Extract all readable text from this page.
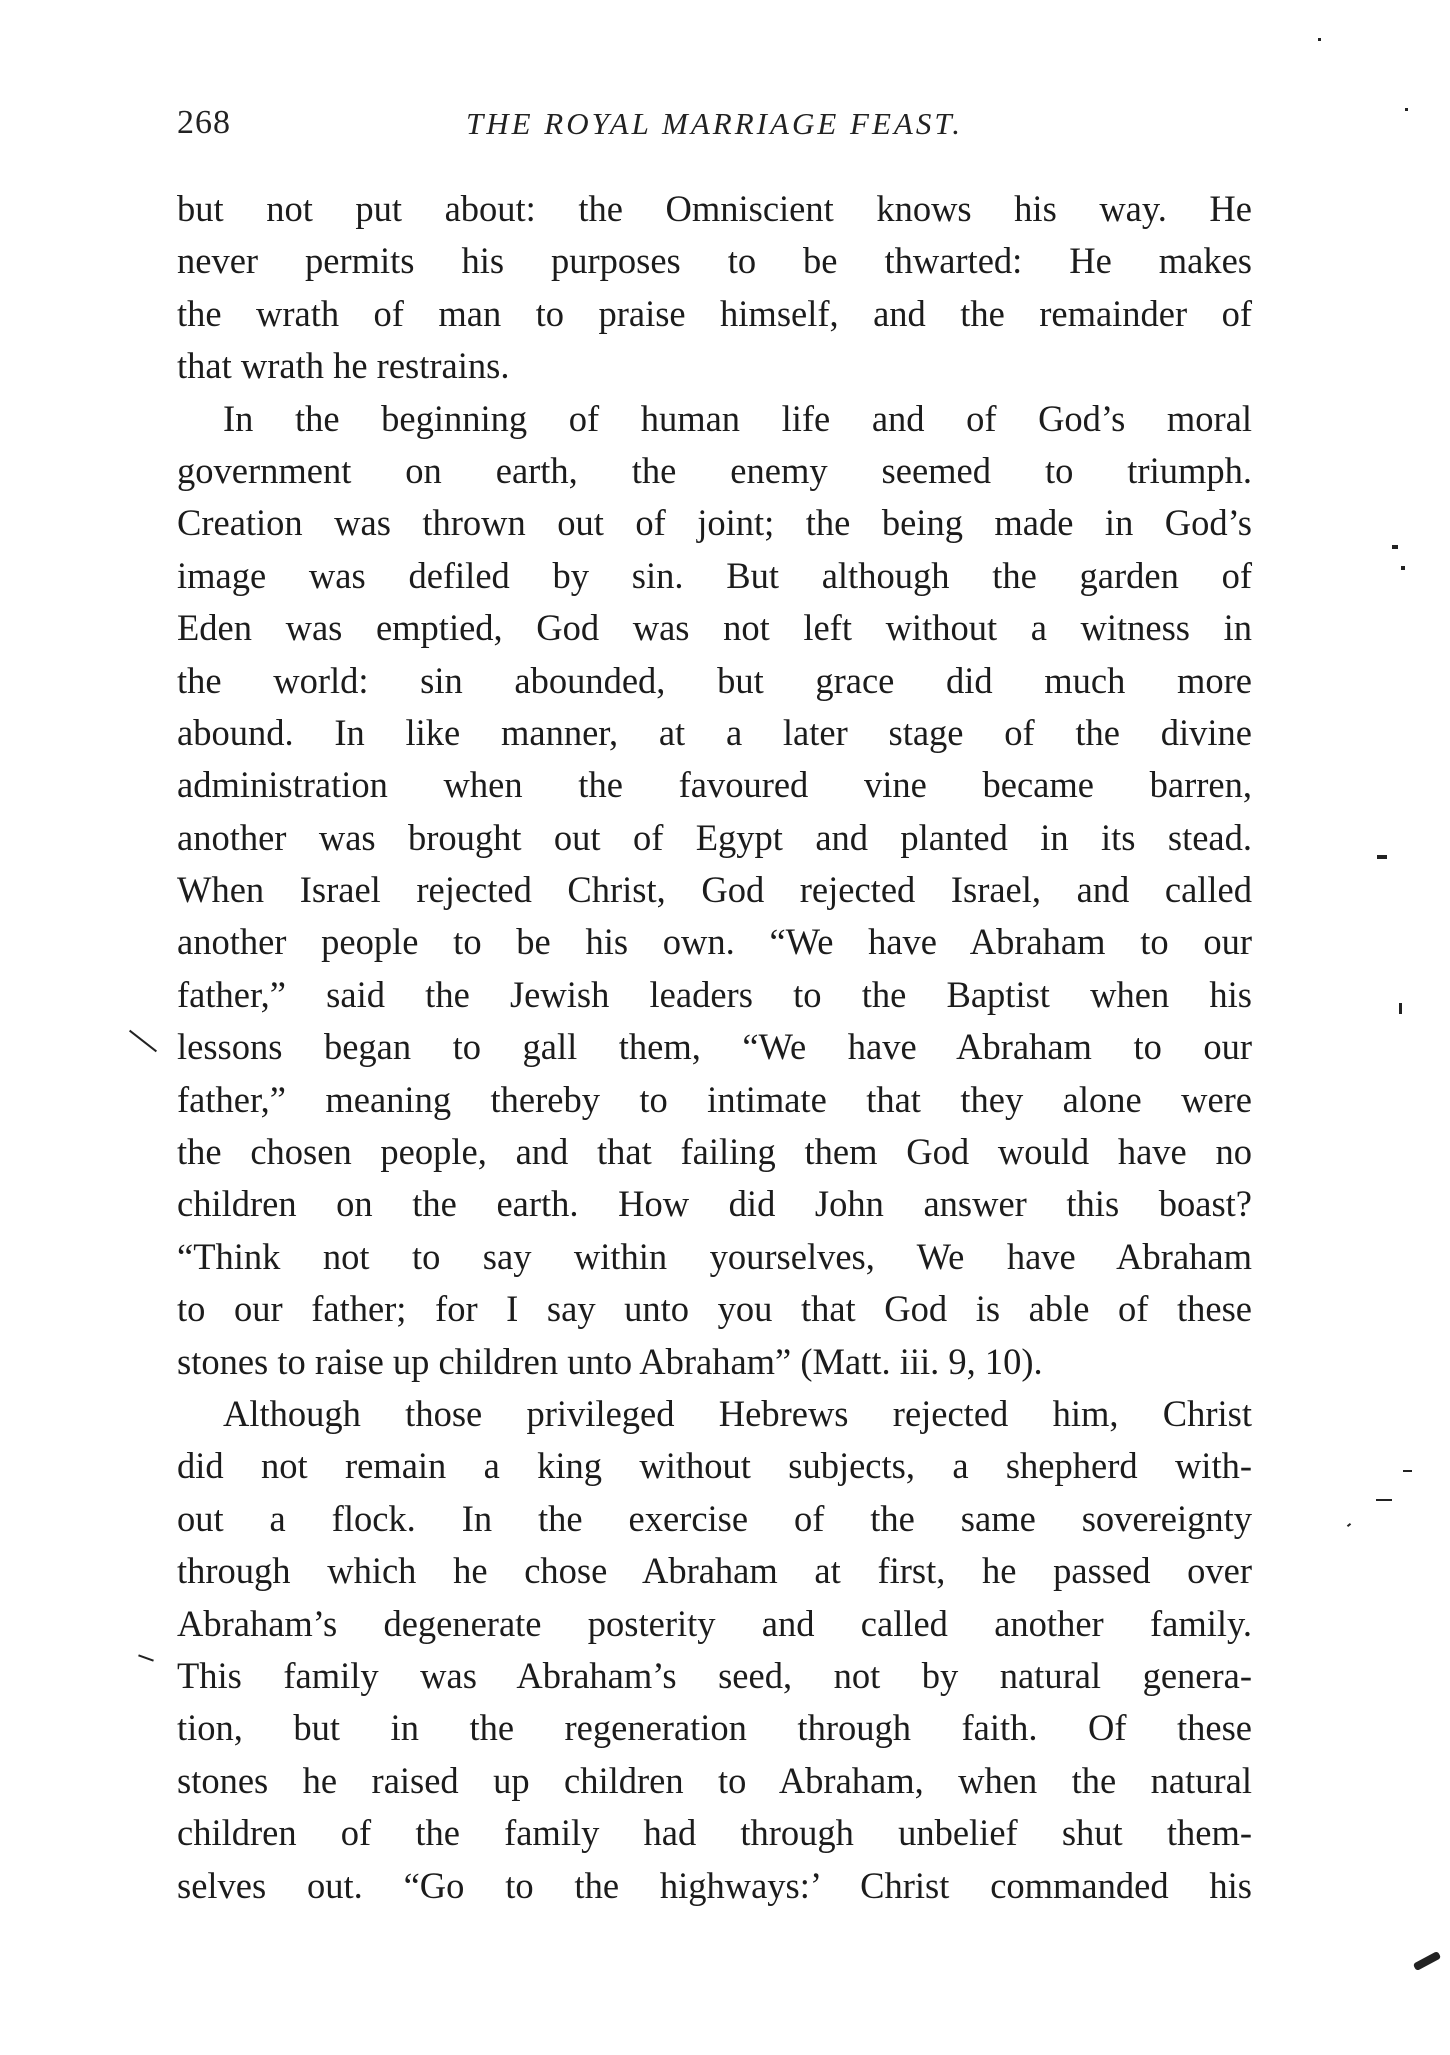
268	THE ROYAL MARRIAGE FEAST.
but not put about: the Omniscient knows his way. He
never permits his purposes to be thwarted: He makes
the wrath of man to praise himself, and the remainder of
that wrath he restrains.
In the beginning of human life and of God’s moral
government on earth, the enemy seemed to triumph.
Creation was thrown out of joint; the being made in God’s
image was defiled by sin. But although the garden of
Eden was emptied, God was not left without a witness in
the world: sin abounded, but grace did much more
abound. In like manner, at a later stage of the divine
administration when the favoured vine became barren,
another was brought out of Egypt and planted in its stead.
When Israel rejected Christ, God rejected Israel, and called
another people to be his own. “We have Abraham to our
father,” said the Jewish leaders to the Baptist when his
lessons began to gall them, “We have Abraham to our
father,” meaning thereby to intimate that they alone were
the chosen people, and that failing them God would have no
children on the earth. How did John answer this boast?
“Think not to say within yourselves, We have Abraham
to our father; for I say unto you that God is able of these
stones to raise up children unto Abraham” (Matt. iii. 9, 10).
Although those privileged Hebrews rejected him, Christ
did not remain a king without subjects, a shepherd with-
out a flock. In the exercise of the same sovereignty
through which he chose Abraham at first, he passed over
Abraham’s degenerate posterity and called another family.
This family was Abraham’s seed, not by natural genera-
tion, but in the regeneration through faith. Of these
stones he raised up children to Abraham, when the natural
children of the family had through unbelief shut them-
selves out. “Go to the highways:’ Christ commanded his
